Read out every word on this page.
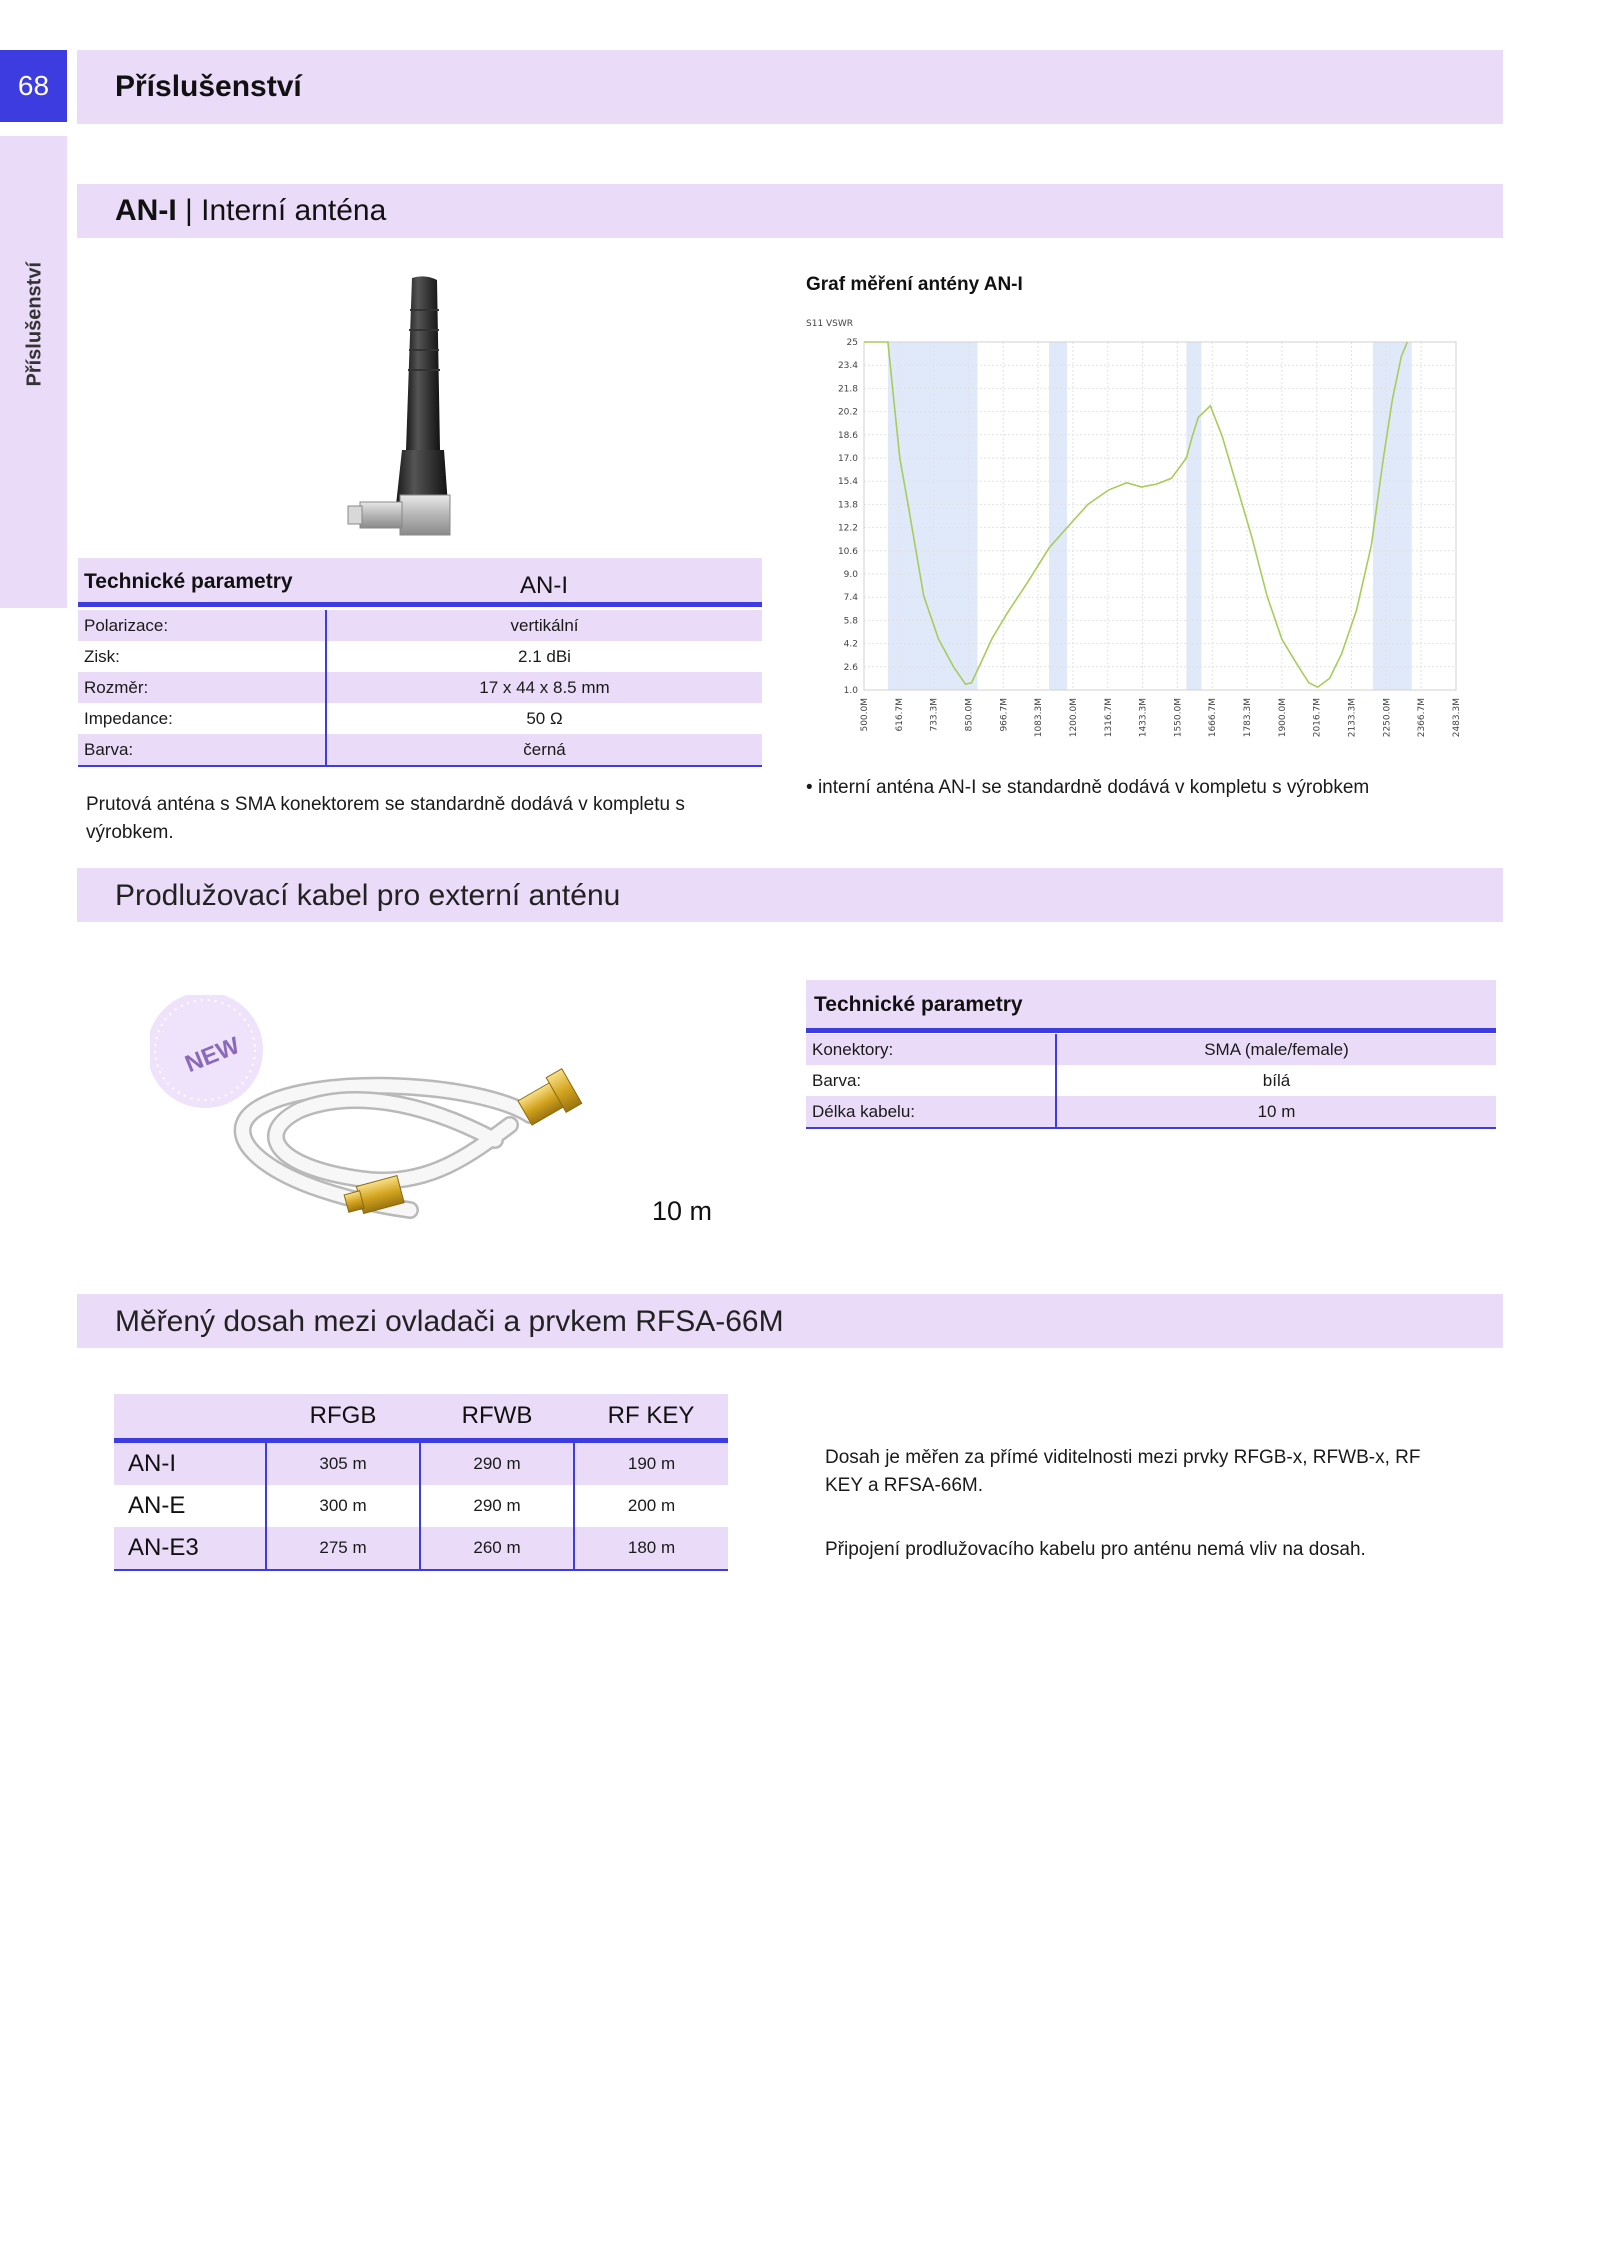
68	Příslušenství
Příslušenství
AN-I | Interní anténa
Technické parametry	AN-I
Polarizace:	vertikální
Zisk:	2.1 dBi
Rozměr:	17 x 44 x 8.5 mm
Impedance:	50 Ω
Barva:	černá
Prutová anténa s SMA konektorem se standardně dodává v kompletu s výrobkem.
Graf měření antény AN-I
S11 VSWR
25
23.4
21.8
20.2
18.6
17.0
15.4
13.8
12.2
10.6
9.0
7.4
5.8
4.2
2.6
1.0
500.0M	616.7M	733.3M	850.0M	966.7M	1083.3M	1200.0M	1316.7M	1433.3M	1550.0M	1666.7M	1783.3M	1900.0M	2016.7M	2133.3M	2250.0M	2366.7M	2483.3M
• interní anténa AN-I se standardně dodává v kompletu s výrobkem
Prodlužovací kabel pro externí anténu
NEW
10 m
Technické parametry
Konektory:	SMA (male/female)
Barva:	bílá
Délka kabelu:	10 m
Měřený dosah mezi ovladači a prvkem RFSA-66M
	RFGB	RFWB	RF KEY
AN-I	305 m	290 m	190 m
AN-E	300 m	290 m	200 m
AN-E3	275 m	260 m	180 m
Dosah je měřen za přímé viditelnosti mezi prvky RFGB-x, RFWB-x, RF KEY a RFSA-66M.
Připojení prodlužovacího kabelu pro anténu nemá vliv na dosah.
